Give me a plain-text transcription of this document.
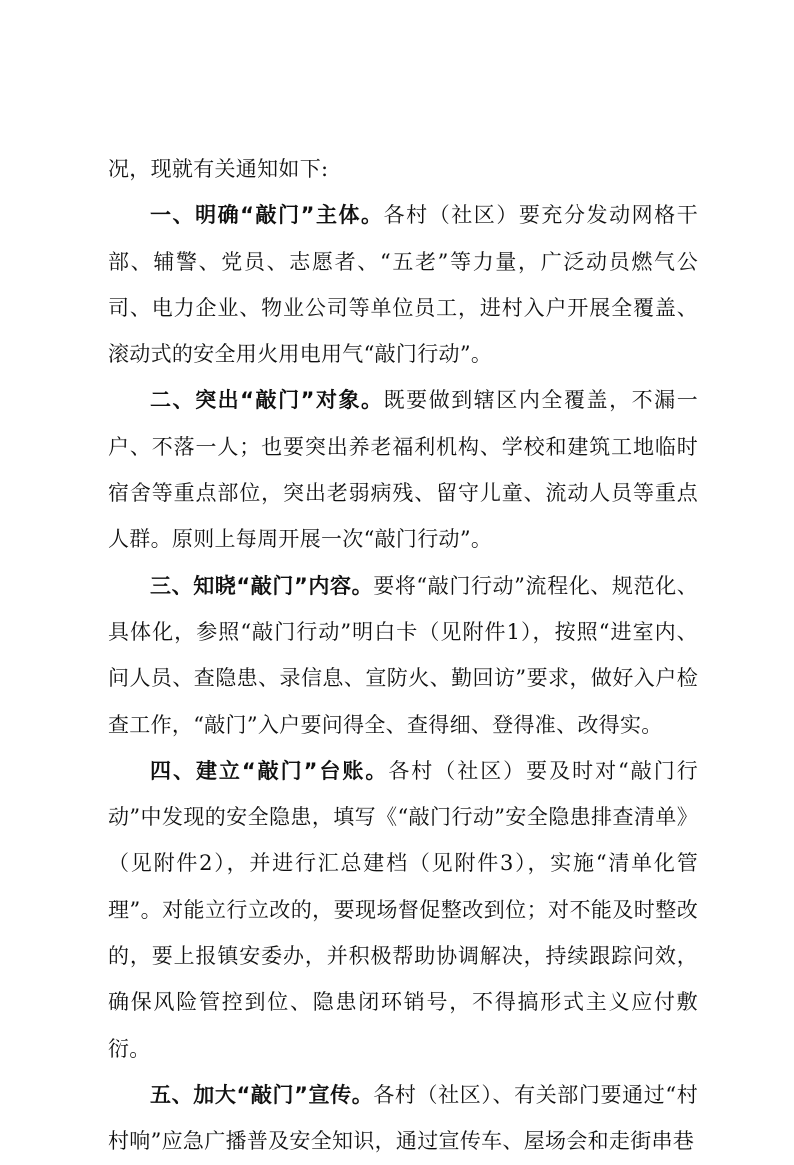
况，现就有关通知如下:

一、明确“敲门”主体。各村（社区）要充分发动网格干部、辅警、党员、志愿者、“五老”等力量，广泛动员燃气公司、电力企业、物业公司等单位员工，进村入户开展全覆盖、滚动式的安全用火用电用气“敲门行动”。

二、突出“敲门”对象。既要做到辖区内全覆盖，不漏一户、不落一人；也要突出养老福利机构、学校和建筑工地临时宿舍等重点部位，突出老弱病残、留守儿童、流动人员等重点人群。原则上每周开展一次“敲门行动”。

三、知晓“敲门”内容。要将“敲门行动”流程化、规范化、具体化，参照“敲门行动”明白卡（见附件1），按照“进室内、问人员、查隐患、录信息、宣防火、勤回访”要求，做好入户检查工作，“敲门”入户要问得全、查得细、登得准、改得实。

四、建立“敲门”台账。各村（社区）要及时对“敲门行动”中发现的安全隐患，填写《“敲门行动”安全隐患排查清单》（见附件2），并进行汇总建档（见附件3），实施“清单化管理”。对能立行立改的，要现场督促整改到位；对不能及时整改的，要上报镇安委办，并积极帮助协调解决，持续跟踪问效，确保风险管控到位、隐患闭环销号，不得搞形式主义应付敷衍。

五、加大“敲门”宣传。各村（社区）、有关部门要通过“村村响”应急广播普及安全知识，通过宣传车、屋场会和走街串巷
